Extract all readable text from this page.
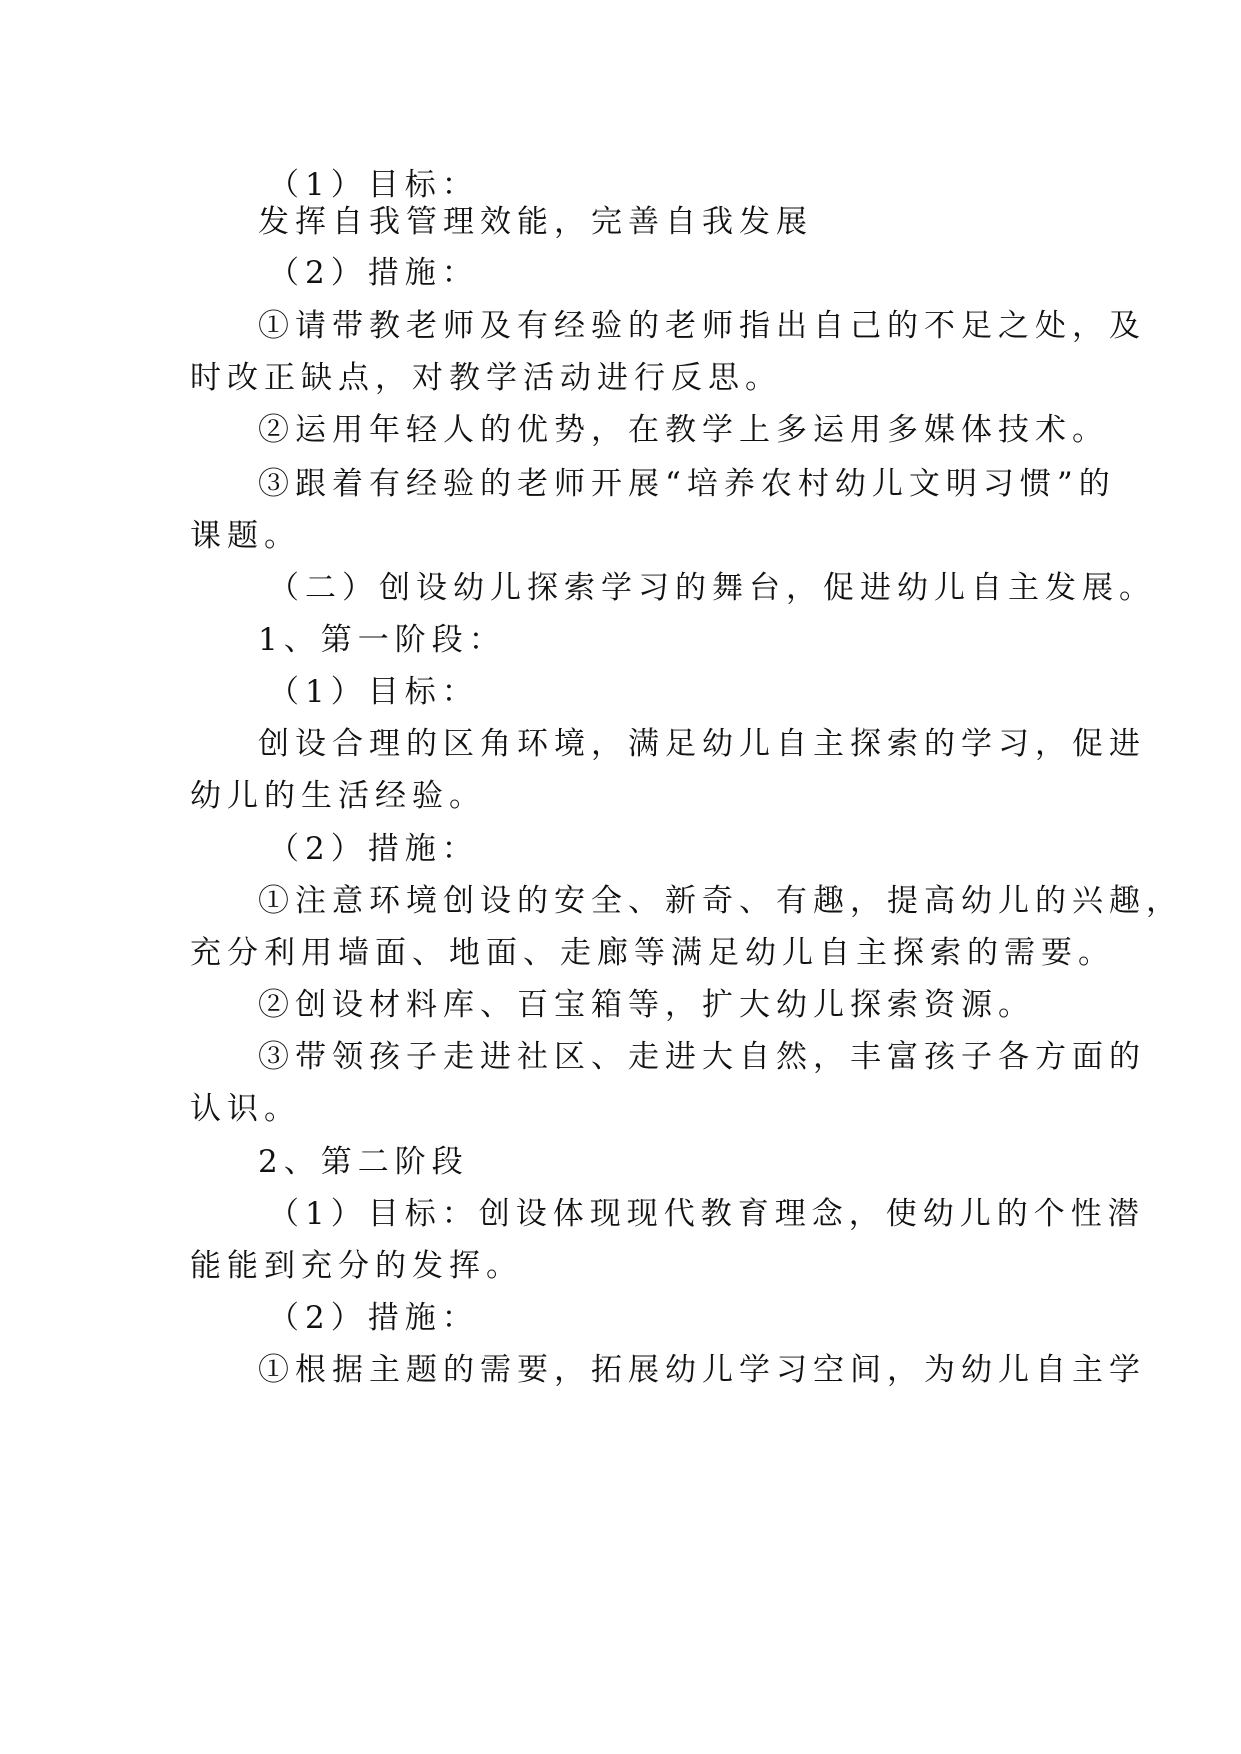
（1）目标：
发挥自我管理效能，完善自我发展
（2）措施：
①请带教老师及有经验的老师指出自己的不足之处，及
时改正缺点，对教学活动进行反思。
②运用年轻人的优势，在教学上多运用多媒体技术。
③跟着有经验的老师开展“培养农村幼儿文明习惯”的
课题。
（二）创设幼儿探索学习的舞台，促进幼儿自主发展。
1、第一阶段：
（1）目标：
创设合理的区角环境，满足幼儿自主探索的学习，促进
幼儿的生活经验。
（2）措施：
①注意环境创设的安全、新奇、有趣，提高幼儿的兴趣，
充分利用墙面、地面、走廊等满足幼儿自主探索的需要。
②创设材料库、百宝箱等，扩大幼儿探索资源。
③带领孩子走进社区、走进大自然，丰富孩子各方面的
认识。
2、第二阶段
（1）目标：创设体现现代教育理念，使幼儿的个性潜
能能到充分的发挥。
（2）措施：
①根据主题的需要，拓展幼儿学习空间，为幼儿自主学
